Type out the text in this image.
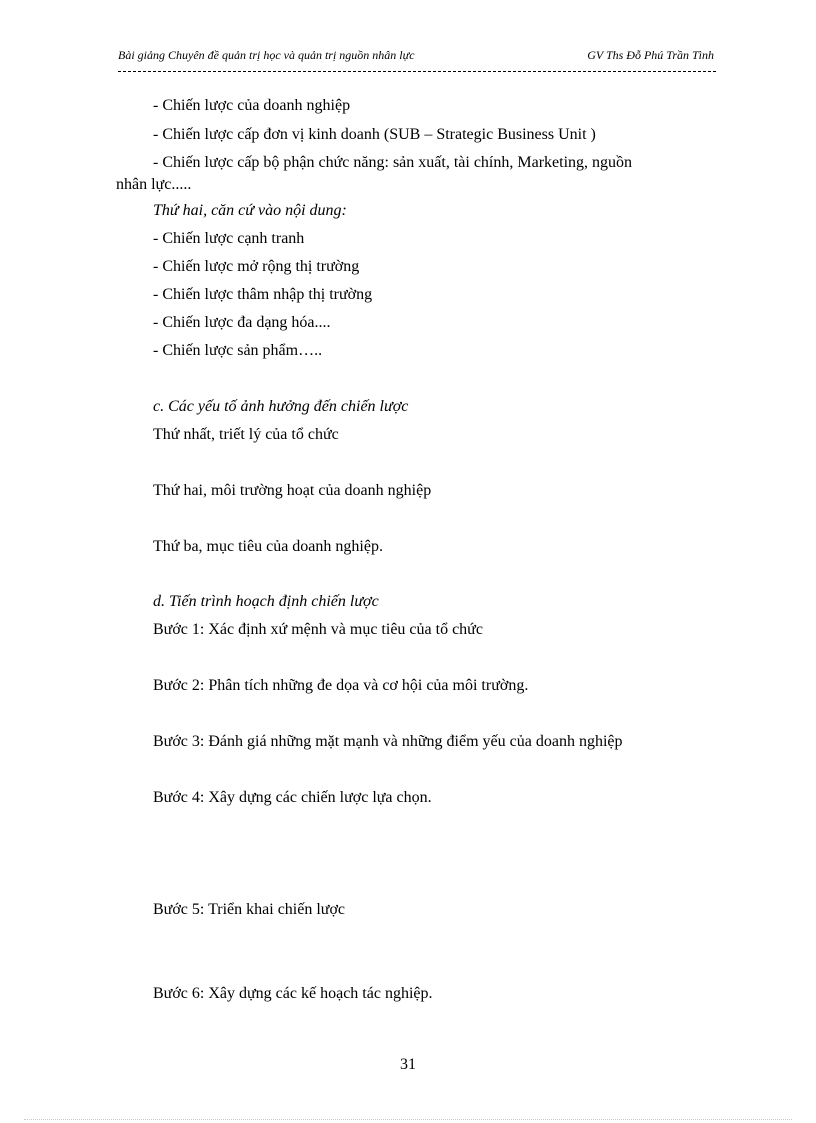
Bài giảng Chuyên đề quản trị học và quản trị nguồn nhân lực	GV Ths Đỗ Phú Trần Tình
- Chiến lược của doanh nghiệp
- Chiến lược cấp đơn vị kinh doanh (SUB – Strategic Business Unit )
- Chiến lược cấp bộ phận chức năng: sản xuất, tài chính, Marketing, nguồn
nhân lực.....
Thứ hai, căn cứ vào nội dung:
- Chiến lược cạnh tranh
- Chiến lược mở rộng thị trường
- Chiến lược thâm nhập thị trường
- Chiến lược đa dạng hóa....
- Chiến lược sản phẩm…..
c. Các yếu tố ảnh hưởng đến chiến lược
Thứ nhất, triết lý của tổ chức
Thứ hai, môi trường hoạt của doanh nghiệp
Thứ ba, mục tiêu của doanh nghiệp.
d. Tiến trình hoạch định chiến lược
Bước 1: Xác định xứ mệnh và mục tiêu của tổ chức
Bước 2: Phân tích những đe dọa và cơ hội của môi trường.
Bước 3: Đánh giá những mặt mạnh và những điểm yếu của doanh nghiệp
Bước 4: Xây dựng các chiến lược lựa chọn.
Bước 5: Triển khai chiến lược
Bước 6: Xây dựng các kế hoạch tác nghiệp.
31
